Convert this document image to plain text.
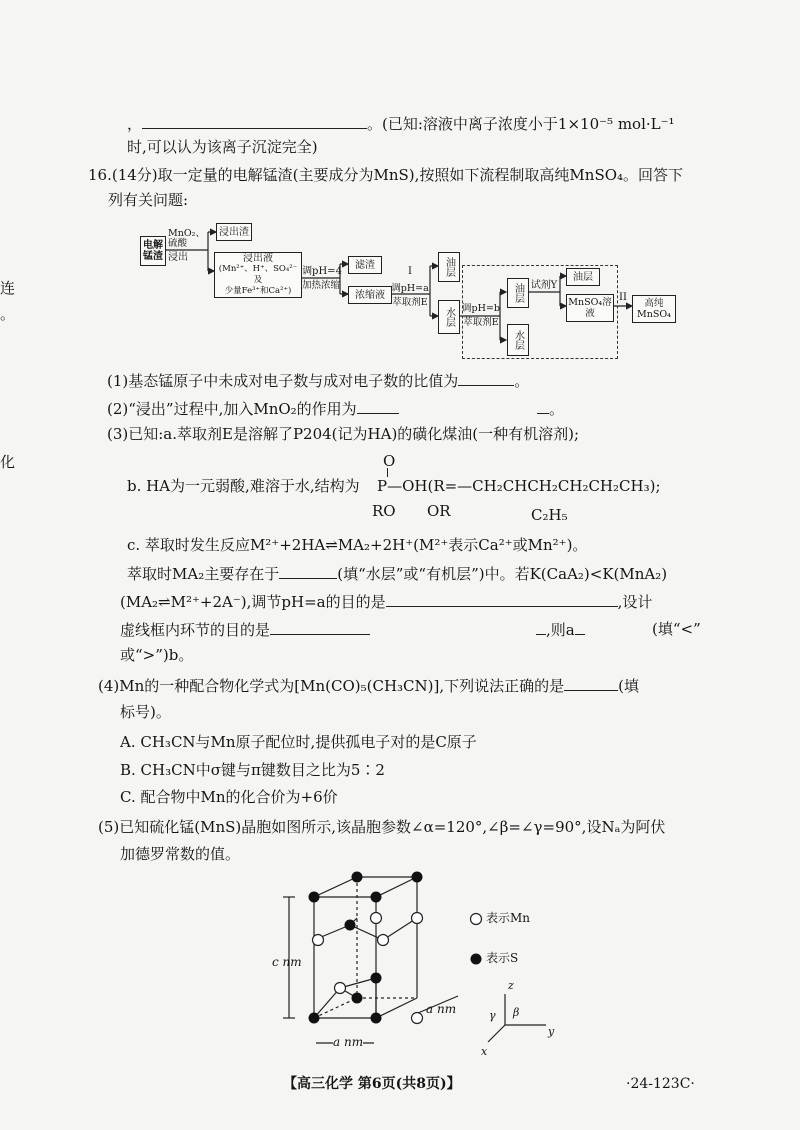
连
。
化
，	。(已知:溶液中离子浓度小于1×10⁻⁵ mol·L⁻¹
时,可以认为该离子沉淀完全)
16.(14分)取一定量的电解锰渣(主要成分为MnS),按照如下流程制取高纯MnSO₄。回答下
列有关问题:
电解锰渣
MnO₂、硫酸
浸出
浸出渣
浸出液
(Mn²⁺、H⁺、SO₄²⁻及
少量Fe³⁺和Ca²⁺)
调pH=4
加热浓缩
滤渣
浓缩液
I
调pH=a
萃取剂E
油层
水层 调pH=b
萃取剂E
油层
水层
试剂Y
油层
MnSO₄溶液
II
高纯MnSO₄
(1)基态锰原子中未成对电子数与成对电子数的比值为	。
(2)“浸出”过程中,加入MnO₂的作用为	。
(3)已知:a.萃取剂E是溶解了P204(记为HA)的磺化煤油(一种有机溶剂);
O
b. HA为一元弱酸,难溶于水,结构为 P—OH(R=—CH₂CHCH₂CH₂CH₂CH₃);
RO OR	C₂H₅
c. 萃取时发生反应M²⁺+2HA⇌MA₂+2H⁺(M²⁺表示Ca²⁺或Mn²⁺)。
萃取时MA₂主要存在于	(填“水层”或“有机层”)中。若K(CaA₂)<K(MnA₂)
(MA₂⇌M²⁺+2A⁻),调节pH=a的目的是	,设计
虚线框内环节的目的是	,则a	(填“<”
或“>”)b。
(4)Mn的一种配合物化学式为[Mn(CO)₅(CH₃CN)],下列说法正确的是	(填
标号)。
A. CH₃CN与Mn原子配位时,提供孤电子对的是C原子
B. CH₃CN中σ键与π键数目之比为5∶2
C. 配合物中Mn的化合价为+6价
(5)已知硫化锰(MnS)晶胞如图所示,该晶胞参数∠α=120°,∠β=∠γ=90°,设Nₐ为阿伏
加德罗常数的值。
表示Mn
表示S
c nm
a nm
a nm
z
y
x
γ β
【高三化学 第6页(共8页)】	·24-123C·
